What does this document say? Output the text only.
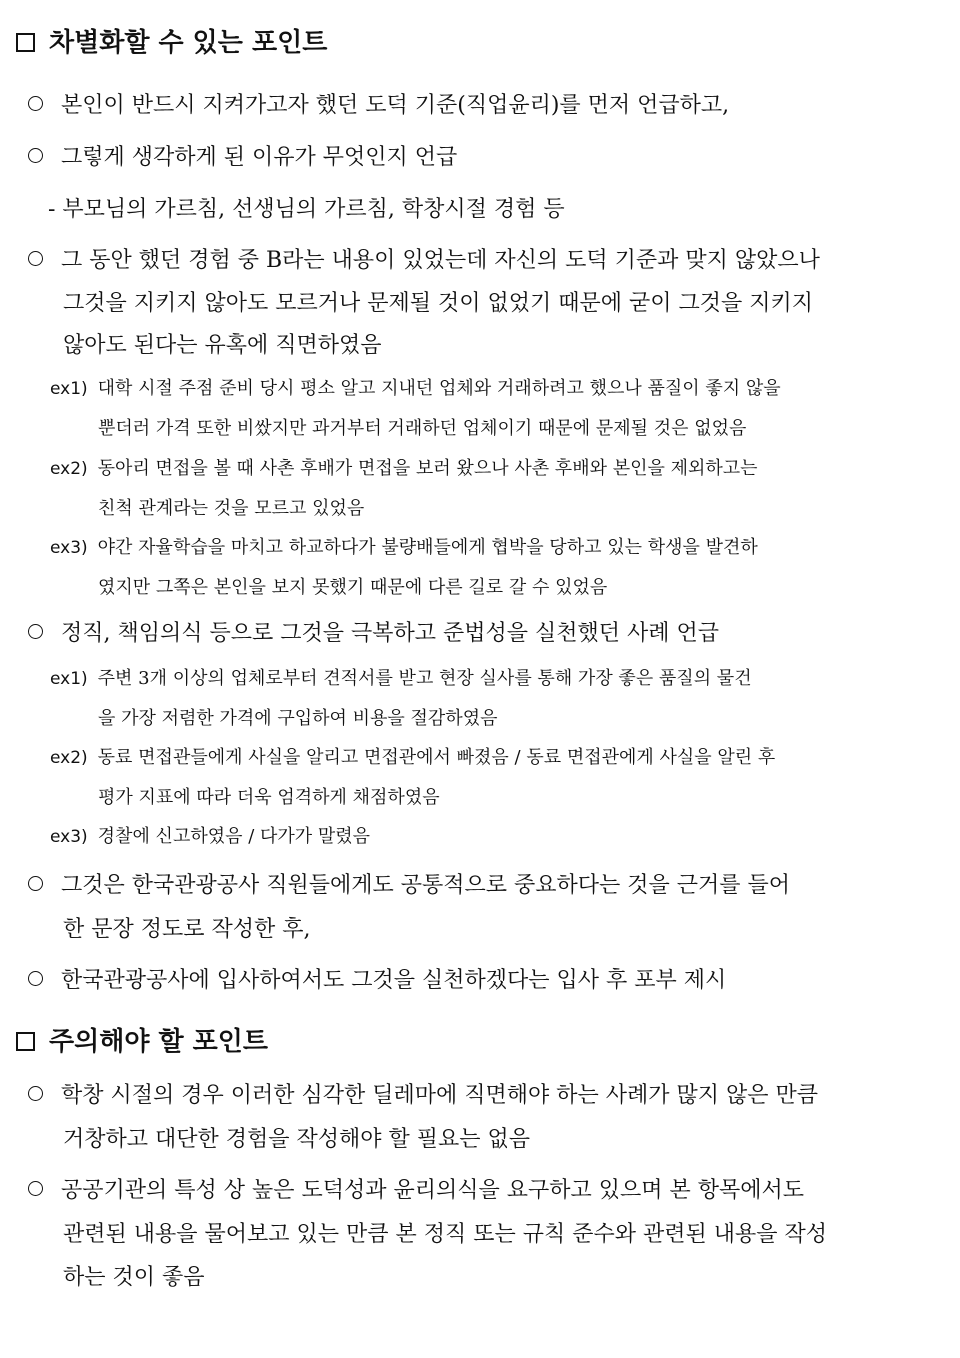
차별화할 수 있는 포인트
본인이 반드시 지켜가고자 했던 도덕 기준(직업윤리)를 먼저 언급하고,
그렇게 생각하게 된 이유가 무엇인지 언급
- 부모님의 가르침, 선생님의 가르침, 학창시절 경험 등
그 동안 했던 경험 중 B라는 내용이 있었는데 자신의 도덕 기준과 맞지 않았으나
그것을 지키지 않아도 모르거나 문제될 것이 없었기 때문에 굳이 그것을 지키지
않아도 된다는 유혹에 직면하였음
ex1) 대학 시절 주점 준비 당시 평소 알고 지내던 업체와 거래하려고 했으나 품질이 좋지 않을
뿐더러 가격 또한 비쌌지만 과거부터 거래하던 업체이기 때문에 문제될 것은 없었음
ex2) 동아리 면접을 볼 때 사촌 후배가 면접을 보러 왔으나 사촌 후배와 본인을 제외하고는
친척 관계라는 것을 모르고 있었음
ex3) 야간 자율학습을 마치고 하교하다가 불량배들에게 협박을 당하고 있는 학생을 발견하
였지만 그쪽은 본인을 보지 못했기 때문에 다른 길로 갈 수 있었음
정직, 책임의식 등으로 그것을 극복하고 준법성을 실천했던 사례 언급
ex1) 주변 3개 이상의 업체로부터 견적서를 받고 현장 실사를 통해 가장 좋은 품질의 물건
을 가장 저렴한 가격에 구입하여 비용을 절감하였음
ex2) 동료 면접관들에게 사실을 알리고 면접관에서 빠졌음 / 동료 면접관에게 사실을 알린 후
평가 지표에 따라 더욱 엄격하게 채점하였음
ex3) 경찰에 신고하였음 / 다가가 말렸음
그것은 한국관광공사 직원들에게도 공통적으로 중요하다는 것을 근거를 들어
한 문장 정도로 작성한 후,
한국관광공사에 입사하여서도 그것을 실천하겠다는 입사 후 포부 제시
주의해야 할 포인트
학창 시절의 경우 이러한 심각한 딜레마에 직면해야 하는 사례가 많지 않은 만큼
거창하고 대단한 경험을 작성해야 할 필요는 없음
공공기관의 특성 상 높은 도덕성과 윤리의식을 요구하고 있으며 본 항목에서도
관련된 내용을 물어보고 있는 만큼 본 정직 또는 규칙 준수와 관련된 내용을 작성
하는 것이 좋음
